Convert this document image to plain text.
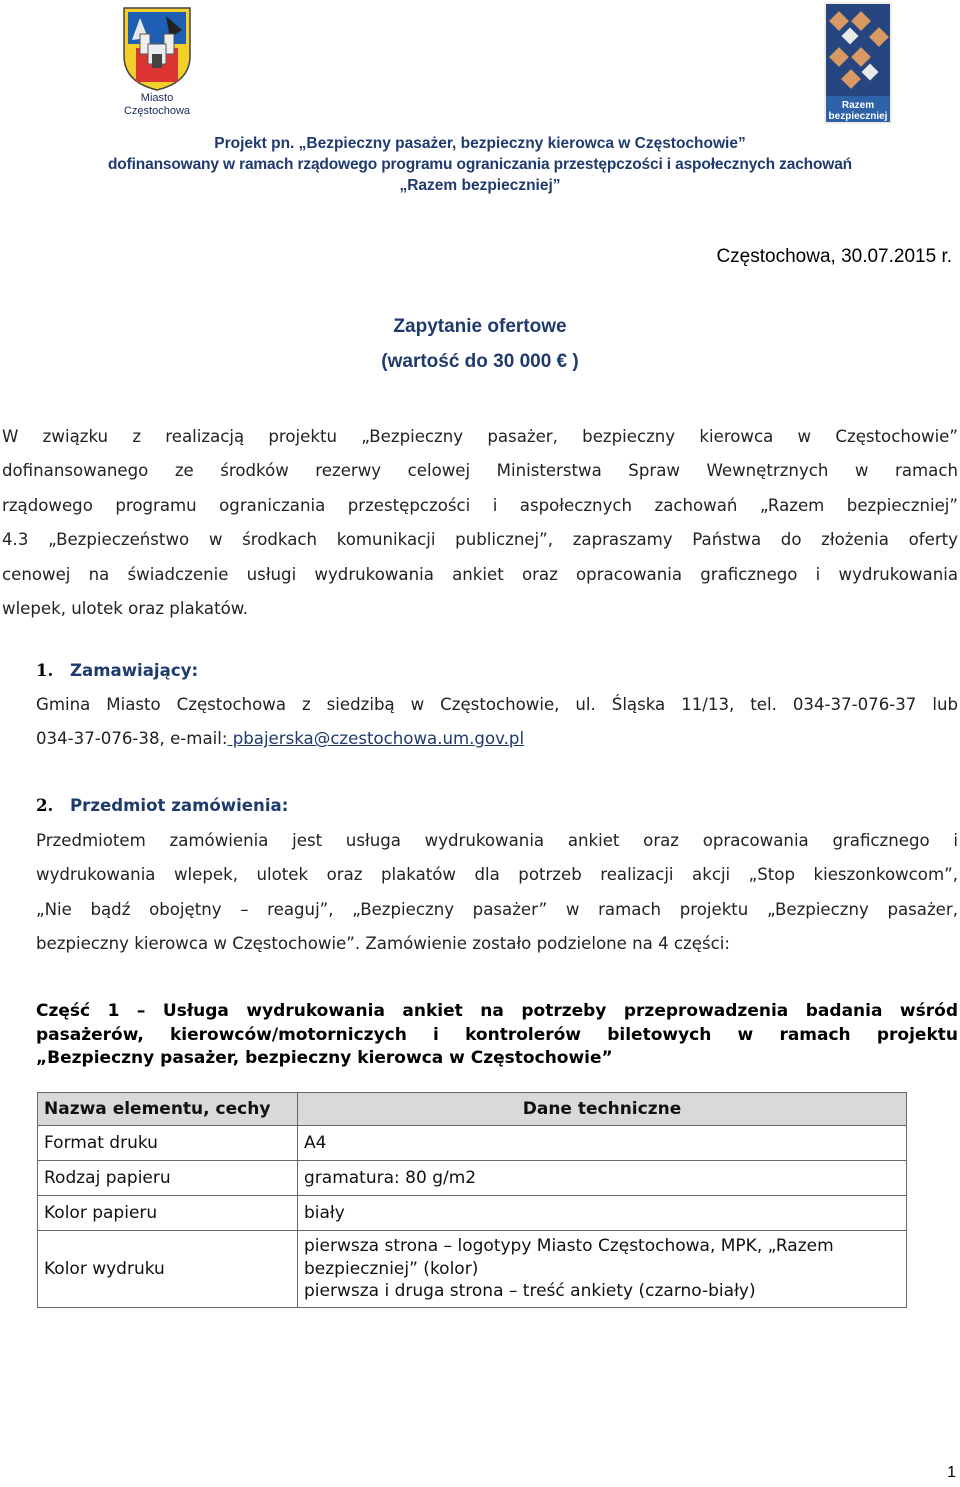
Miasto
Częstochowa	Razem
bezpieczniej
Projekt pn. „Bezpieczny pasażer, bezpieczny kierowca w Częstochowie”
dofinansowany w ramach rządowego programu ograniczania przestępczości i aspołecznych zachowań
„Razem bezpieczniej”
Częstochowa, 30.07.2015 r.
Zapytanie ofertowe
(wartość do 30 000 € )
W związku z realizacją projektu „Bezpieczny pasażer, bezpieczny kierowca w Częstochowie”
dofinansowanego ze środków rezerwy celowej Ministerstwa Spraw Wewnętrznych w ramach
rządowego programu ograniczania przestępczości i aspołecznych zachowań „Razem bezpieczniej”
4.3 „Bezpieczeństwo w środkach komunikacji publicznej”, zapraszamy Państwa do złożenia oferty
cenowej na świadczenie usługi wydrukowania ankiet oraz opracowania graficznego i wydrukowania
wlepek, ulotek oraz plakatów.
1. Zamawiający:
Gmina Miasto Częstochowa z siedzibą w Częstochowie, ul. Śląska 11/13, tel. 034-37-076-37 lub
034-37-076-38, e-mail: pbajerska@czestochowa.um.gov.pl
2. Przedmiot zamówienia:
Przedmiotem zamówienia jest usługa wydrukowania ankiet oraz opracowania graficznego i
wydrukowania wlepek, ulotek oraz plakatów dla potrzeb realizacji akcji „Stop kieszonkowcom”,
„Nie bądź obojętny – reaguj”, „Bezpieczny pasażer” w ramach projektu „Bezpieczny pasażer,
bezpieczny kierowca w Częstochowie”. Zamówienie zostało podzielone na 4 części:
Część 1 – Usługa wydrukowania ankiet na potrzeby przeprowadzenia badania wśród
pasażerów, kierowców/motorniczych i kontrolerów biletowych w ramach projektu
„Bezpieczny pasażer, bezpieczny kierowca w Częstochowie”
Nazwa elementu, cechy	Dane techniczne
Format druku	A4
Rodzaj papieru	gramatura: 80 g/m2
Kolor papieru	biały
Kolor wydruku	pierwsza strona – logotypy Miasto Częstochowa, MPK, „Razem
bezpieczniej” (kolor)
pierwsza i druga strona – treść ankiety (czarno-biały)
1
